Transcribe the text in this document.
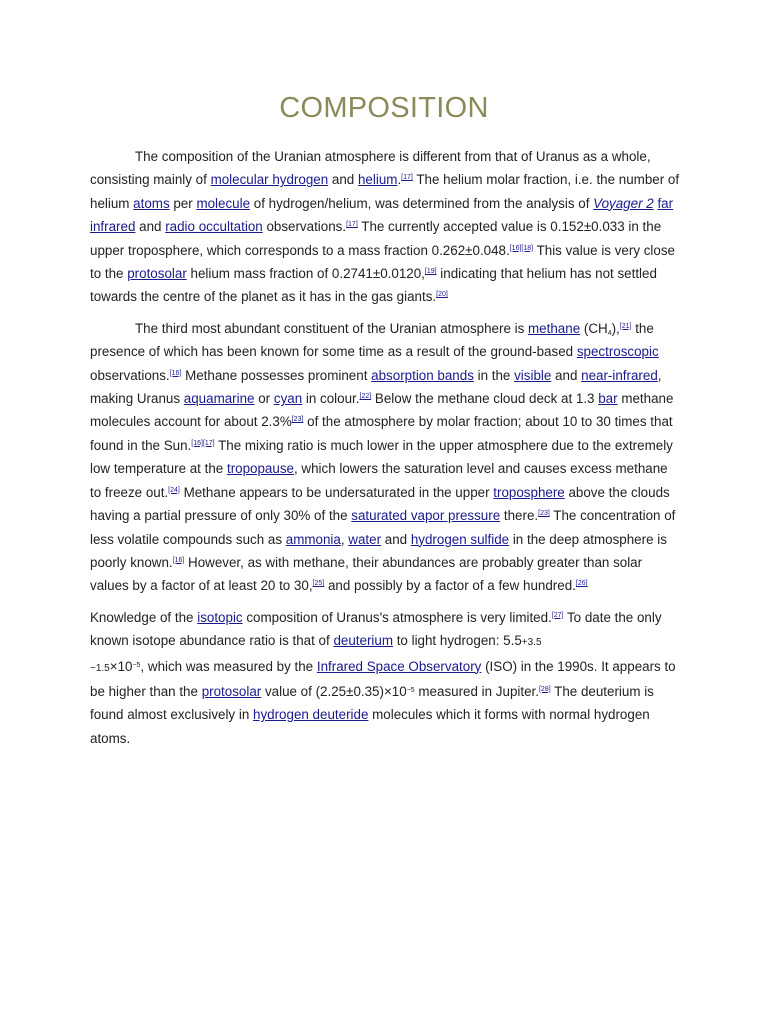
COMPOSITION

The composition of the Uranian atmosphere is different from that of Uranus as a whole, consisting mainly of molecular hydrogen and helium.[17] The helium molar fraction, i.e. the number of helium atoms per molecule of hydrogen/helium, was determined from the analysis of Voyager 2 far infrared and radio occultation observations.[17] The currently accepted value is 0.152±0.033 in the upper troposphere, which corresponds to a mass fraction 0.262±0.048.[16][18] This value is very close to the protosolar helium mass fraction of 0.2741±0.0120,[19] indicating that helium has not settled towards the centre of the planet as it has in the gas giants.[20]

The third most abundant constituent of the Uranian atmosphere is methane $(CH_4),[21]$ the presence of which has been known for some time as a result of the ground-based spectroscopic observations.[16] Methane possesses prominent absorption bands in the visible and near-infrared, making Uranus aquamarine or cyan in colour.[22] Below the methane cloud deck at 1.3 bar methane molecules account for about 2.3%[23] of the atmosphere by molar fraction; about 10 to 30 times that found in the Sun.[16][17] The mixing ratio is much lower in the upper atmosphere due to the extremely low temperature at the tropopause, which lowers the saturation level and causes excess methane to freeze out.[24] Methane appears to be undersaturated in the upper troposphere above the clouds having a partial pressure of only 30% of the saturated vapor pressure there.[23] The concentration of less volatile compounds such as ammonia, water and hydrogen sulfide in the deep atmosphere is poorly known.[16] However, as with methane, their abundances are probably greater than solar values by a factor of at least 20 to 30,[25] and possibly by a factor of a few hundred.[26]

Knowledge of the isotopic composition of Uranus's atmosphere is very limited.[27] To date the only known isotope abundance ratio is that of deuterium to light hydrogen: 5.5+3.5
$-1.5\times 10^{-5}$, which was measured by the Infrared Space Observatory (ISO) in the 1990s. It appears to be higher than the protosolar value of $(2.25\pm 0.35)\times 10^{-5}$ measured in Jupiter.[28] The deuterium is found almost exclusively in hydrogen deuteride molecules which it forms with normal hydrogen atoms.
